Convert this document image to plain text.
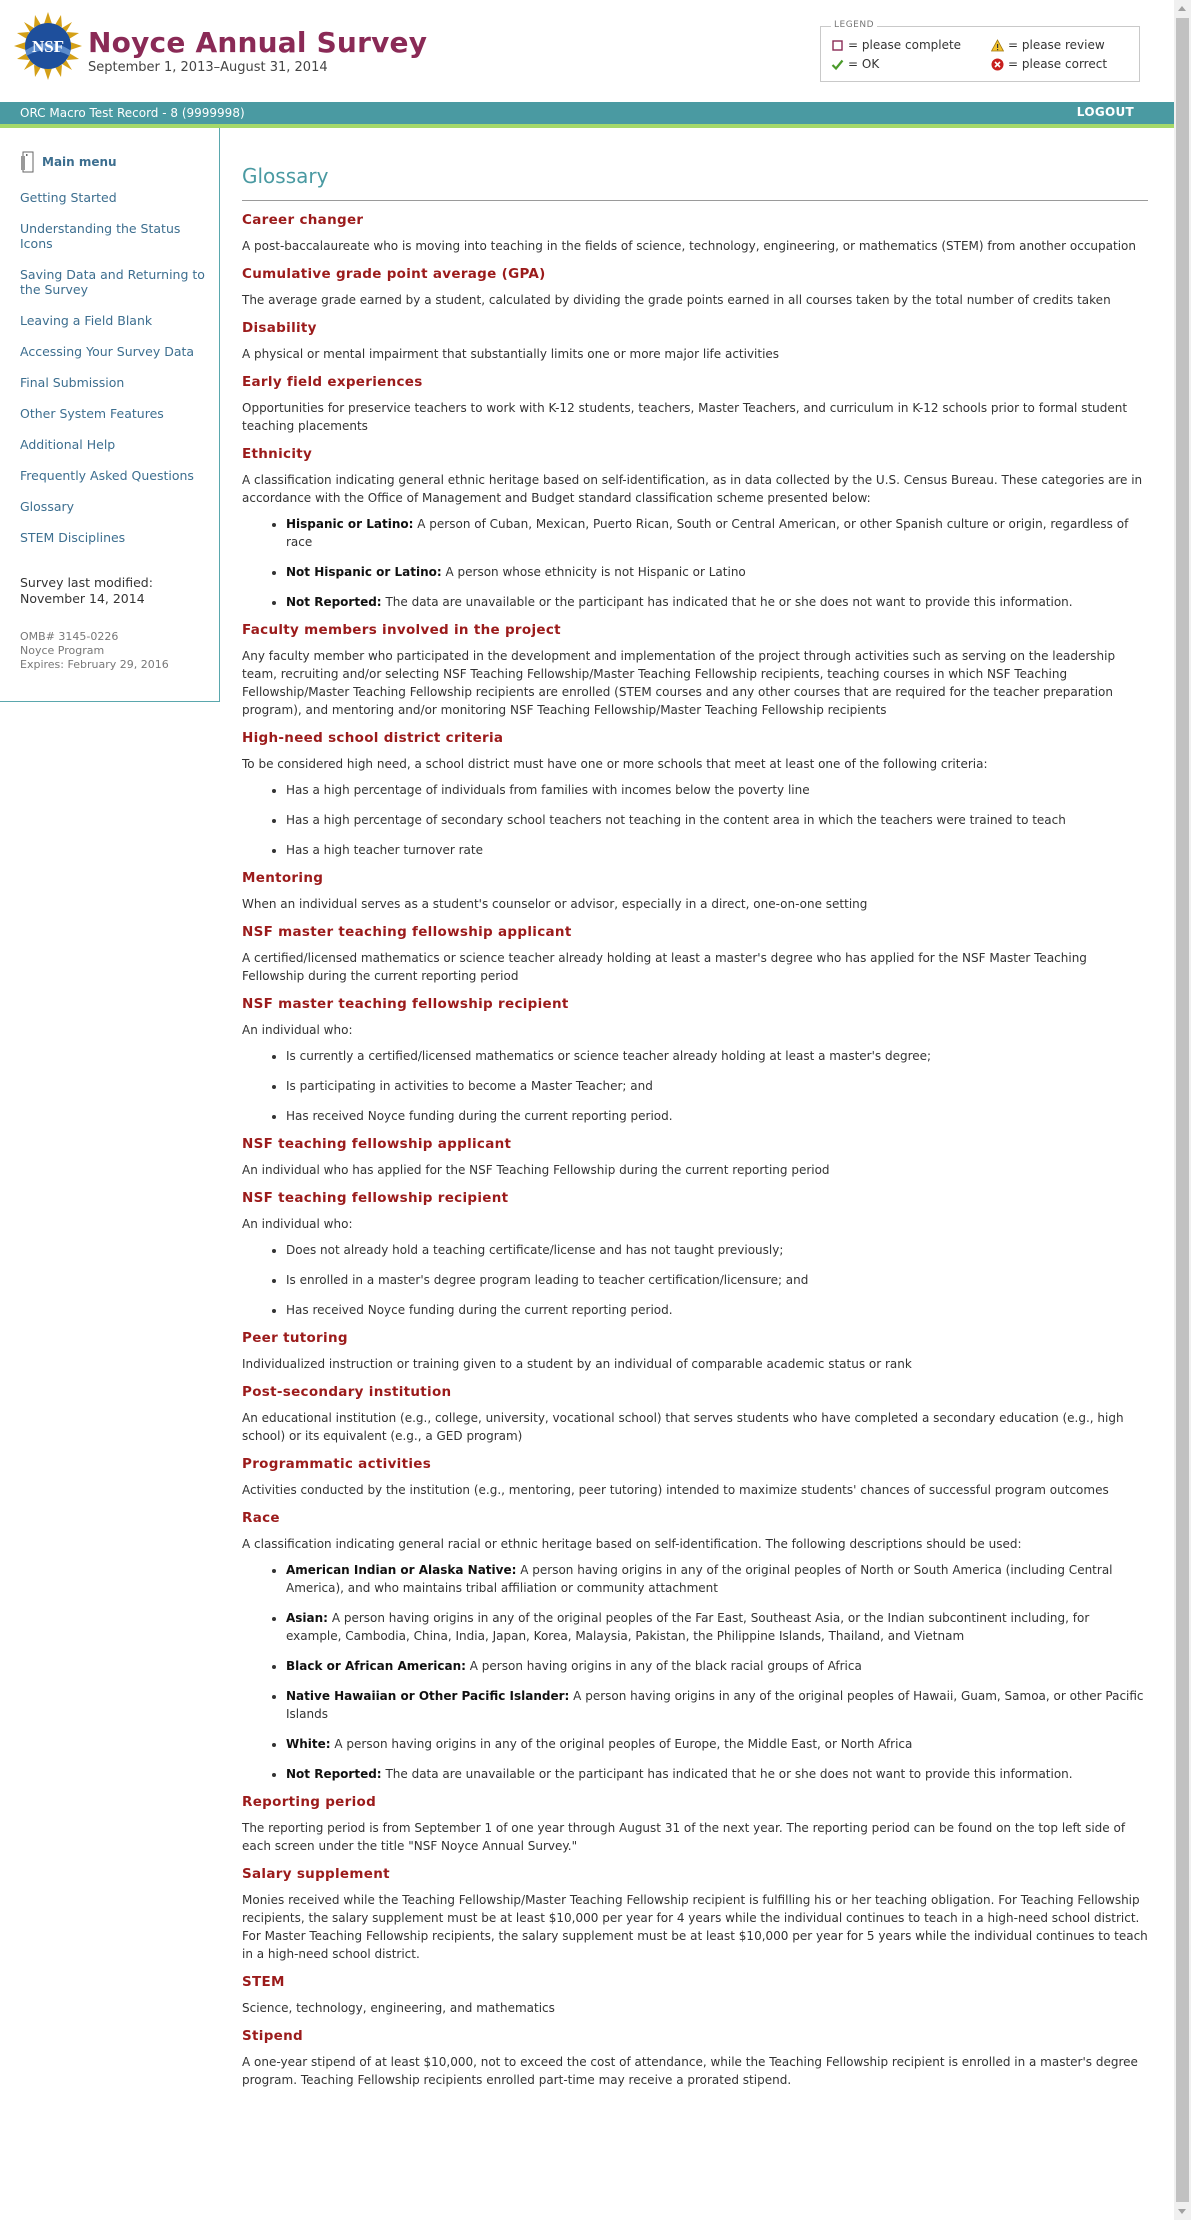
NSF Noyce Annual Survey
September 1, 2013–August 31, 2014
LEGEND
= please complete	= please review
= OK	= please correct
ORC Macro Test Record - 8 (9999998)	LOGOUT
Main menu
Getting Started
Understanding the Status Icons
Saving Data and Returning to the Survey
Leaving a Field Blank
Accessing Your Survey Data
Final Submission
Other System Features
Additional Help
Frequently Asked Questions
Glossary
STEM Disciplines
Survey last modified:
November 14, 2014
OMB# 3145-0226
Noyce Program
Expires: February 29, 2016
Glossary
Career changer
A post-baccalaureate who is moving into teaching in the fields of science, technology, engineering, or mathematics (STEM) from another occupation
Cumulative grade point average (GPA)
The average grade earned by a student, calculated by dividing the grade points earned in all courses taken by the total number of credits taken
Disability
A physical or mental impairment that substantially limits one or more major life activities
Early field experiences
Opportunities for preservice teachers to work with K-12 students, teachers, Master Teachers, and curriculum in K-12 schools prior to formal student teaching placements
Ethnicity
A classification indicating general ethnic heritage based on self-identification, as in data collected by the U.S. Census Bureau. These categories are in accordance with the Office of Management and Budget standard classification scheme presented below:
• Hispanic or Latino: A person of Cuban, Mexican, Puerto Rican, South or Central American, or other Spanish culture or origin, regardless of race
• Not Hispanic or Latino: A person whose ethnicity is not Hispanic or Latino
• Not Reported: The data are unavailable or the participant has indicated that he or she does not want to provide this information.
Faculty members involved in the project
Any faculty member who participated in the development and implementation of the project through activities such as serving on the leadership team, recruiting and/or selecting NSF Teaching Fellowship/Master Teaching Fellowship recipients, teaching courses in which NSF Teaching Fellowship/Master Teaching Fellowship recipients are enrolled (STEM courses and any other courses that are required for the teacher preparation program), and mentoring and/or monitoring NSF Teaching Fellowship/Master Teaching Fellowship recipients
High-need school district criteria
To be considered high need, a school district must have one or more schools that meet at least one of the following criteria:
• Has a high percentage of individuals from families with incomes below the poverty line
• Has a high percentage of secondary school teachers not teaching in the content area in which the teachers were trained to teach
• Has a high teacher turnover rate
Mentoring
When an individual serves as a student's counselor or advisor, especially in a direct, one-on-one setting
NSF master teaching fellowship applicant
A certified/licensed mathematics or science teacher already holding at least a master's degree who has applied for the NSF Master Teaching Fellowship during the current reporting period
NSF master teaching fellowship recipient
An individual who:
• Is currently a certified/licensed mathematics or science teacher already holding at least a master's degree;
• Is participating in activities to become a Master Teacher; and
• Has received Noyce funding during the current reporting period.
NSF teaching fellowship applicant
An individual who has applied for the NSF Teaching Fellowship during the current reporting period
NSF teaching fellowship recipient
An individual who:
• Does not already hold a teaching certificate/license and has not taught previously;
• Is enrolled in a master's degree program leading to teacher certification/licensure; and
• Has received Noyce funding during the current reporting period.
Peer tutoring
Individualized instruction or training given to a student by an individual of comparable academic status or rank
Post-secondary institution
An educational institution (e.g., college, university, vocational school) that serves students who have completed a secondary education (e.g., high school) or its equivalent (e.g., a GED program)
Programmatic activities
Activities conducted by the institution (e.g., mentoring, peer tutoring) intended to maximize students' chances of successful program outcomes
Race
A classification indicating general racial or ethnic heritage based on self-identification. The following descriptions should be used:
• American Indian or Alaska Native: A person having origins in any of the original peoples of North or South America (including Central America), and who maintains tribal affiliation or community attachment
• Asian: A person having origins in any of the original peoples of the Far East, Southeast Asia, or the Indian subcontinent including, for example, Cambodia, China, India, Japan, Korea, Malaysia, Pakistan, the Philippine Islands, Thailand, and Vietnam
• Black or African American: A person having origins in any of the black racial groups of Africa
• Native Hawaiian or Other Pacific Islander: A person having origins in any of the original peoples of Hawaii, Guam, Samoa, or other Pacific Islands
• White: A person having origins in any of the original peoples of Europe, the Middle East, or North Africa
• Not Reported: The data are unavailable or the participant has indicated that he or she does not want to provide this information.
Reporting period
The reporting period is from September 1 of one year through August 31 of the next year. The reporting period can be found on the top left side of each screen under the title "NSF Noyce Annual Survey."
Salary supplement
Monies received while the Teaching Fellowship/Master Teaching Fellowship recipient is fulfilling his or her teaching obligation. For Teaching Fellowship recipients, the salary supplement must be at least $10,000 per year for 4 years while the individual continues to teach in a high-need school district. For Master Teaching Fellowship recipients, the salary supplement must be at least $10,000 per year for 5 years while the individual continues to teach in a high-need school district.
STEM
Science, technology, engineering, and mathematics
Stipend
A one-year stipend of at least $10,000, not to exceed the cost of attendance, while the Teaching Fellowship recipient is enrolled in a master's degree program. Teaching Fellowship recipients enrolled part-time may receive a prorated stipend.
